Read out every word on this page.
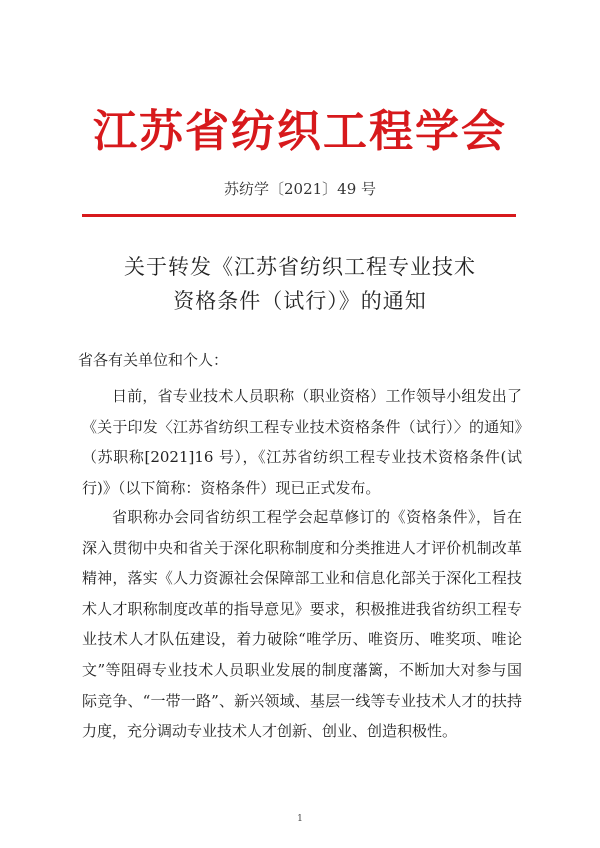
江苏省纺织工程学会
苏纺学〔2021〕49 号
关于转发《江苏省纺织工程专业技术
资格条件（试行）》的通知
省各有关单位和个人：

日前，省专业技术人员职称（职业资格）工作领导小组发出了《关于印发〈江苏省纺织工程专业技术资格条件（试行）〉的通知》（苏职称[2021]16 号），《江苏省纺织工程专业技术资格条件(试行)》（以下简称：资格条件）现已正式发布。

省职称办会同省纺织工程学会起草修订的《资格条件》，旨在深入贯彻中央和省关于深化职称制度和分类推进人才评价机制改革精神，落实《人力资源社会保障部工业和信息化部关于深化工程技术人才职称制度改革的指导意见》要求，积极推进我省纺织工程专业技术人才队伍建设，着力破除“唯学历、唯资历、唯奖项、唯论文”等阻碍专业技术人员职业发展的制度藩篱，不断加大对参与国际竞争、“一带一路”、新兴领域、基层一线等专业技术人才的扶持力度，充分调动专业技术人才创新、创业、创造积极性。

1
